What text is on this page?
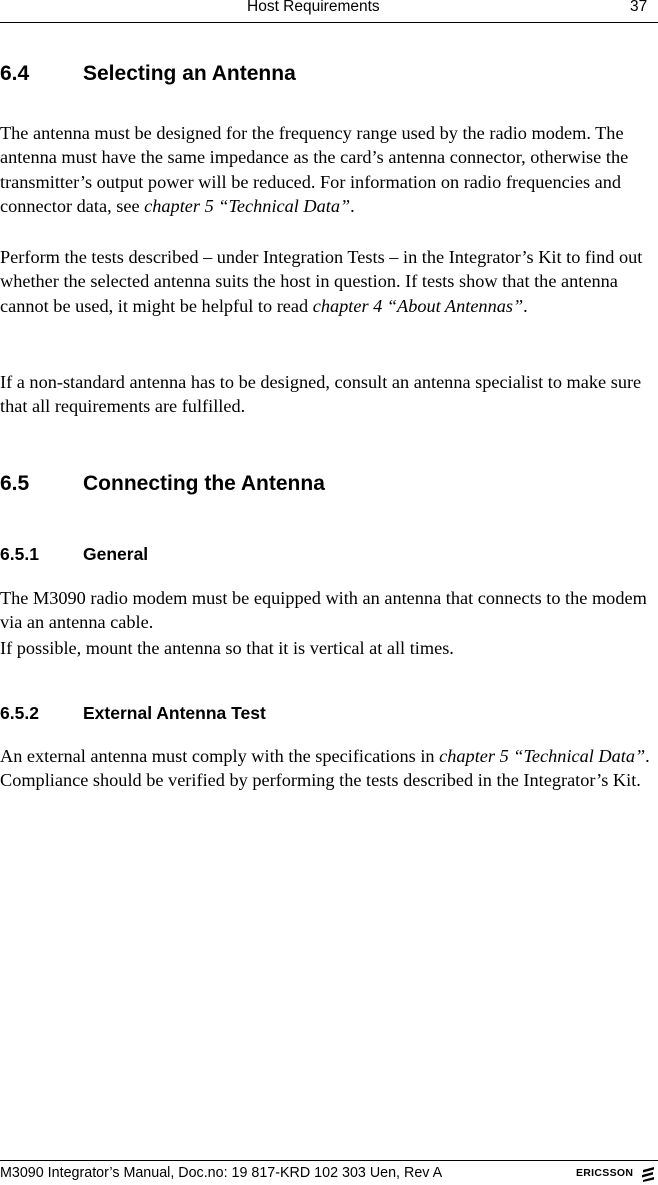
Host Requirements	37
6.4	Selecting an Antenna
The antenna must be designed for the frequency range used by the radio modem. The antenna must have the same impedance as the card’s antenna connector, otherwise the transmitter’s output power will be reduced. For information on radio frequencies and connector data, see chapter 5 “Technical Data”.
Perform the tests described – under Integration Tests – in the Integrator’s Kit to find out whether the selected antenna suits the host in question. If tests show that the antenna cannot be used, it might be helpful to read chapter 4 “About Antennas”.
If a non-standard antenna has to be designed, consult an antenna specialist to make sure that all requirements are fulfilled.
6.5	Connecting the Antenna
6.5.1	General
The M3090 radio modem must be equipped with an antenna that connects to the modem via an antenna cable.
If possible, mount the antenna so that it is vertical at all times.
6.5.2	External Antenna Test
An external antenna must comply with the specifications in chapter 5 “Technical Data”. Compliance should be verified by performing the tests described in the Integrator’s Kit.
M3090 Integrator’s Manual, Doc.no: 19 817-KRD 102 303 Uen, Rev A	ERICSSON
